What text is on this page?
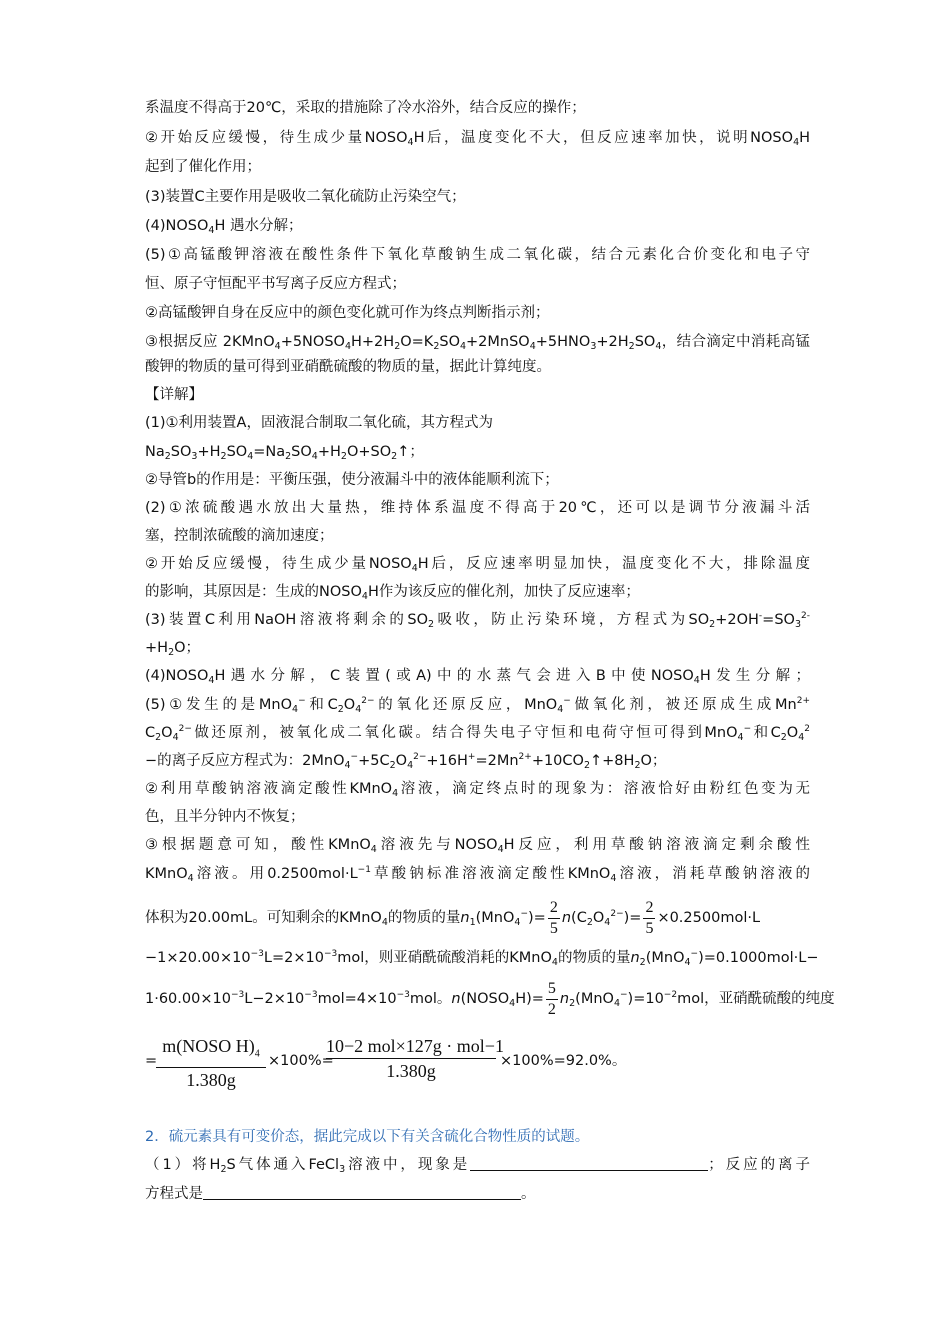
系温度不得高于20℃，采取的措施除了冷水浴外，结合反应的操作；
②开始反应缓慢，待生成少量$NOSO_4H$后，温度变化不大，但反应速率加快，说明$NOSO_4H$
起到了催化作用；
(3)装置C主要作用是吸收二氧化硫防止污染空气；
$(4)NOSO_4H$ 遇水分解；
(5)①高锰酸钾溶液在酸性条件下氧化草酸钠生成二氧化碳，结合元素化合价变化和电子守
恒、原子守恒配平书写离子反应方程式；
②高锰酸钾自身在反应中的颜色变化就可作为终点判断指示剂；
③根据反应 $2KMnO_4+5NOSO_4H+2H_2O=K_2SO_4+2MnSO_4+5HNO_3+2H_2SO_4$，结合滴定中消耗高锰
酸钾的物质的量可得到亚硝酰硫酸的物质的量，据此计算纯度。
【详解】
(1)①利用装置A，固液混合制取二氧化硫，其方程式为
$Na_2SO_3+H_2SO_4=Na_2SO_4+H_2O+SO_2↑$；
②导管b的作用是：平衡压强，使分液漏斗中的液体能顺利流下；
(2)①浓硫酸遇水放出大量热，维持体系温度不得高于20℃，还可以是调节分液漏斗活
塞，控制浓硫酸的滴加速度；
②开始反应缓慢，待生成少量$NOSO_4H$后，反应速率明显加快，温度变化不大，排除温度
的影响，其原因是：生成的$NOSO_4H$作为该反应的催化剂，加快了反应速率；
(3)装置C利用NaOH溶液将剩余的$SO_2$吸收，防止污染环境，方程式为$SO_2+2OH^-=SO_3^{2-}$
$+H_2O$；
$(4)NOSO_4H$遇水分解，C装置(或A)中的水蒸气会进入B中使$NOSO_4H$发生分解；
(5)①发生的是MnO$_4$−和$C_2O_4^{2-}$的氧化还原反应，MnO$_4$−做氧化剂，被还原成生成$Mn^{2+}$
$C_2O_4^{2-}$做还原剂，被氧化成二氧化碳。结合得失电子守恒和电荷守恒可得到MnO$_4$−和$C_2O_4^2$
−的离子反应方程式为：$2MnO_4^-+5C_2O_4^{2-}+16H^+=2Mn^{2+}+10CO_2↑+8H_2O$；
②利用草酸钠溶液滴定酸性KMnO$_4$溶液，滴定终点时的现象为：溶液恰好由粉红色变为无
色，且半分钟内不恢复；
③根据题意可知，酸性KMnO$_4$溶液先与$NOSO_4H$反应，利用草酸钠溶液滴定剩余酸性
KMnO$_4$溶液。用$0.2500mol\cdot L^{-1}$草酸钠标准溶液滴定酸性KMnO$_4$溶液，消耗草酸钠溶液的
体积为20.00mL。可知剩余的KMnO$_4$的物质的量$n_1(MnO_4^-)= \frac{2}{5} n(C_2O_4^{2-})= \frac{2}{5} \times 0.2500mol\cdot L$
$-1\times 20.00\times 10^{-3}L=2\times 10^{-3}mol$，则亚硝酰硫酸消耗的KMnO$_4$的物质的量$n_2(MnO_4^-)=0.1000mol\cdot L-$
$1\cdot 60.00\times 10^{-3}L-2\times 10^{-3}mol=4\times 10^{-3}mol$。$n(NOSO_4H)= \frac{5}{2} n_2(MnO_4^-)=10^{-2}mol$，亚硝酰硫酸的纯度
=
m(NOSO $H)_4$
1.380g
×100%=
10−2 mol×127g · mol−1
1.380g	×100%=92.0%。
2．硫元素具有可变价态，据此完成以下有关含硫化合物性质的试题。
（1）将$H_2S$气体通入FeCl$_3$溶液中，现象是	；反应的离子
方程式是	。
